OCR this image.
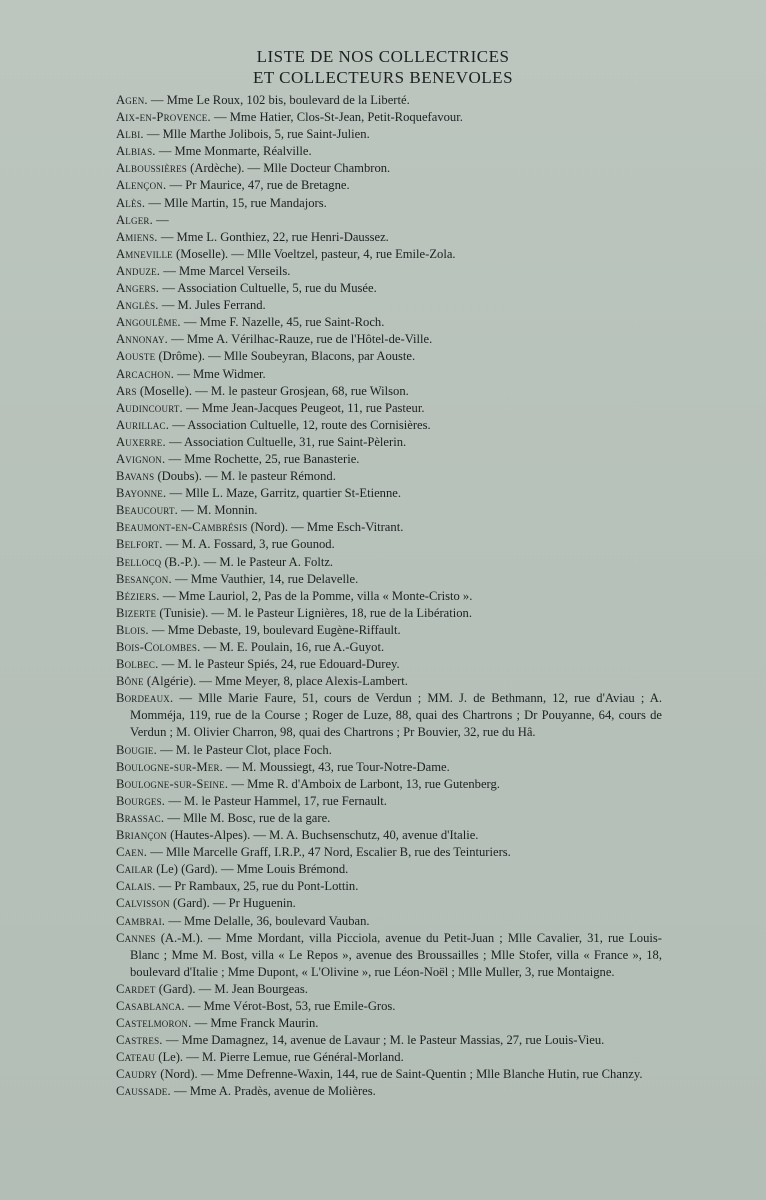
LISTE DE NOS COLLECTRICES
ET COLLECTEURS BENEVOLES
Agen. — Mme Le Roux, 102 bis, boulevard de la Liberté.
Aix-en-Provence. — Mme Hatier, Clos-St-Jean, Petit-Roquefavour.
Albi. — Mlle Marthe Jolibois, 5, rue Saint-Julien.
Albias. — Mme Monmarte, Réalville.
Alboussières (Ardèche). — Mlle Docteur Chambron.
Alençon. — Pr Maurice, 47, rue de Bretagne.
Alès. — Mlle Martin, 15, rue Mandajors.
Alger. —
Amiens. — Mme L. Gonthiez, 22, rue Henri-Daussez.
Amneville (Moselle). — Mlle Voeltzel, pasteur, 4, rue Emile-Zola.
Anduze. — Mme Marcel Verseils.
Angers. — Association Cultuelle, 5, rue du Musée.
Anglès. — M. Jules Ferrand.
Angoulême. — Mme F. Nazelle, 45, rue Saint-Roch.
Annonay. — Mme A. Vérilhac-Rauze, rue de l'Hôtel-de-Ville.
Aouste (Drôme). — Mlle Soubeyran, Blacons, par Aouste.
Arcachon. — Mme Widmer.
Ars (Moselle). — M. le pasteur Grosjean, 68, rue Wilson.
Audincourt. — Mme Jean-Jacques Peugeot, 11, rue Pasteur.
Aurillac. — Association Cultuelle, 12, route des Cornisières.
Auxerre. — Association Cultuelle, 31, rue Saint-Pèlerin.
Avignon. — Mme Rochette, 25, rue Banasterie.
Bavans (Doubs). — M. le pasteur Rémond.
Bayonne. — Mlle L. Maze, Garritz, quartier St-Etienne.
Beaucourt. — M. Monnin.
Beaumont-en-Cambrésis (Nord). — Mme Esch-Vitrant.
Belfort. — M. A. Fossard, 3, rue Gounod.
Bellocq (B.-P.). — M. le Pasteur A. Foltz.
Besançon. — Mme Vauthier, 14, rue Delavelle.
Béziers. — Mme Lauriol, 2, Pas de la Pomme, villa « Monte-Cristo ».
Bizerte (Tunisie). — M. le Pasteur Lignières, 18, rue de la Libération.
Blois. — Mme Debaste, 19, boulevard Eugène-Riffault.
Bois-Colombes. — M. E. Poulain, 16, rue A.-Guyot.
Bolbec. — M. le Pasteur Spiés, 24, rue Edouard-Durey.
Bône (Algérie). — Mme Meyer, 8, place Alexis-Lambert.
Bordeaux. — Mlle Marie Faure, 51, cours de Verdun ; MM. J. de Bethmann, 12, rue d'Aviau ; A. Momméja, 119, rue de la Course ; Roger de Luze, 88, quai des Chartrons ; Dr Pouyanne, 64, cours de Verdun ; M. Olivier Charron, 98, quai des Chartrons ; Pr Bouvier, 32, rue du Hâ.
Bougie. — M. le Pasteur Clot, place Foch.
Boulogne-sur-Mer. — M. Moussiegt, 43, rue Tour-Notre-Dame.
Boulogne-sur-Seine. — Mme R. d'Amboix de Larbont, 13, rue Gutenberg.
Bourges. — M. le Pasteur Hammel, 17, rue Fernault.
Brassac. — Mlle M. Bosc, rue de la gare.
Briançon (Hautes-Alpes). — M. A. Buchsenschutz, 40, avenue d'Italie.
Caen. — Mlle Marcelle Graff, I.R.P., 47 Nord, Escalier B, rue des Teinturiers.
Cailar (Le) (Gard). — Mme Louis Brémond.
Calais. — Pr Rambaux, 25, rue du Pont-Lottin.
Calvisson (Gard). — Pr Huguenin.
Cambrai. — Mme Delalle, 36, boulevard Vauban.
Cannes (A.-M.). — Mme Mordant, villa Picciola, avenue du Petit-Juan ; Mlle Cavalier, 31, rue Louis-Blanc ; Mme M. Bost, villa « Le Repos », avenue des Broussailles ; Mlle Stofer, villa « France », 18, boulevard d'Italie ; Mme Dupont, « L'Olivine », rue Léon-Noël ; Mlle Muller, 3, rue Montaigne.
Cardet (Gard). — M. Jean Bourgeas.
Casablanca. — Mme Vérot-Bost, 53, rue Emile-Gros.
Castelmoron. — Mme Franck Maurin.
Castres. — Mme Damagnez, 14, avenue de Lavaur ; M. le Pasteur Massias, 27, rue Louis-Vieu.
Cateau (Le). — M. Pierre Lemue, rue Général-Morland.
Caudry (Nord). — Mme Defrenne-Waxin, 144, rue de Saint-Quentin ; Mlle Blanche Hutin, rue Chanzy.
Caussade. — Mme A. Pradès, avenue de Molières.
